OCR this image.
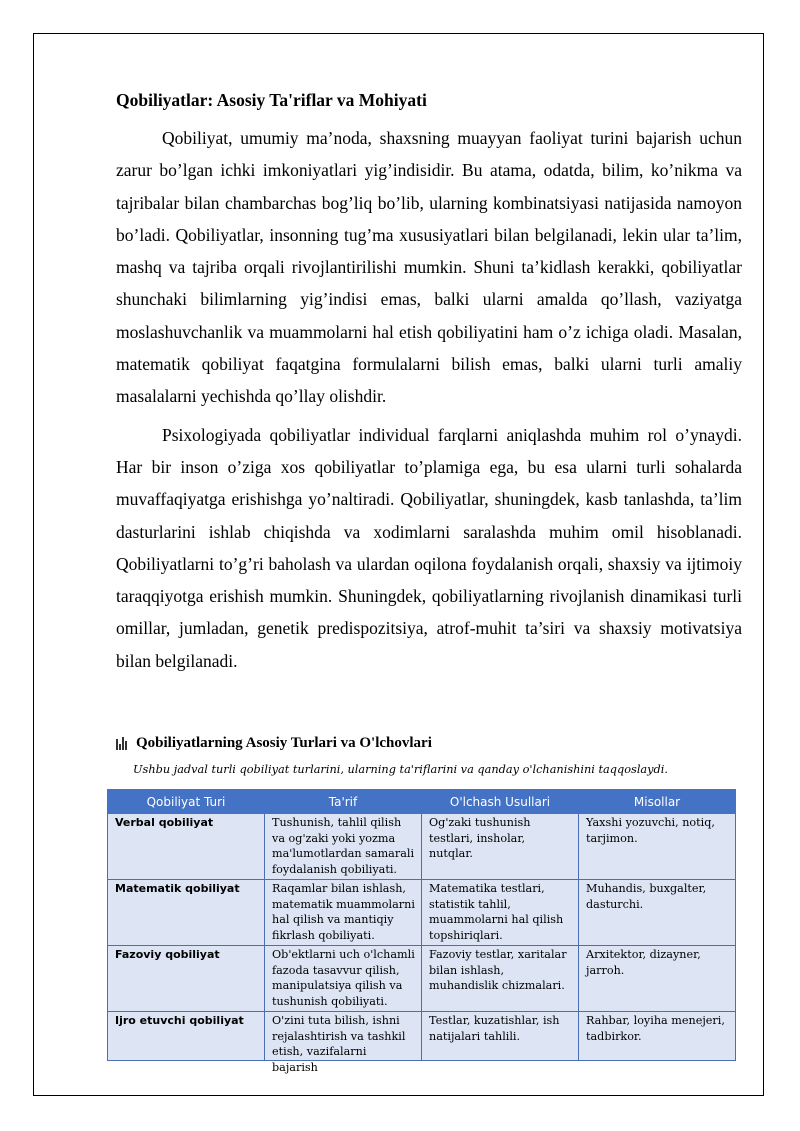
Qobiliyatlar: Asosiy Ta'riflar va Mohiyati

Qobiliyat, umumiy ma’noda, shaxsning muayyan faoliyat turini bajarish uchun zarur bo’lgan ichki imkoniyatlari yig’indisidir. Bu atama, odatda, bilim, ko’nikma va tajribalar bilan chambarchas bog’liq bo’lib, ularning kombinatsiyasi natijasida namoyon bo’ladi. Qobiliyatlar, insonning tug’ma xususiyatlari bilan belgilanadi, lekin ular ta’lim, mashq va tajriba orqali rivojlantirilishi mumkin. Shuni ta’kidlash kerakki, qobiliyatlar shunchaki bilimlarning yig’indisi emas, balki ularni amalda qo’llash, vaziyatga moslashuvchanlik va muammolarni hal etish qobiliyatini ham o’z ichiga oladi. Masalan, matematik qobiliyat faqatgina formulalarni bilish emas, balki ularni turli amaliy masalalarni yechishda qo’llay olishdir.

Psixologiyada qobiliyatlar individual farqlarni aniqlashda muhim rol o’ynaydi. Har bir inson o’ziga xos qobiliyatlar to’plamiga ega, bu esa ularni turli sohalarda muvaffaqiyatga erishishga yo’naltiradi. Qobiliyatlar, shuningdek, kasb tanlashda, ta’lim dasturlarini ishlab chiqishda va xodimlarni saralashda muhim omil hisoblanadi. Qobiliyatlarni to’g’ri baholash va ulardan oqilona foydalanish orqali, shaxsiy va ijtimoiy taraqqiyotga erishish mumkin. Shuningdek, qobiliyatlarning rivojlanish dinamikasi turli omillar, jumladan, genetik predispozitsiya, atrof-muhit ta’siri va shaxsiy motivatsiya bilan belgilanadi.

Qobiliyatlarning Asosiy Turlari va O'lchovlari
Ushbu jadval turli qobiliyat turlarini, ularning ta'riflarini va qanday o'lchanishini taqqoslaydi.
Qobiliyat Turi	Ta'rif	O'lchash Usullari	Misollar
Verbal qobiliyat	Tushunish, tahlil qilish va og'zaki yoki yozma ma'lumotlardan samarali foydalanish qobiliyati.	Og'zaki tushunish testlari, insholar, nutqlar.	Yaxshi yozuvchi, notiq, tarjimon.
Matematik qobiliyat	Raqamlar bilan ishlash, matematik muammolarni hal qilish va mantiqiy fikrlash qobiliyati.	Matematika testlari, statistik tahlil, muammolarni hal qilish topshiriqlari.	Muhandis, buxgalter, dasturchi.
Fazoviy qobiliyat	Ob'ektlarni uch o'lchamli fazoda tasavvur qilish, manipulatsiya qilish va tushunish qobiliyati.	Fazoviy testlar, xaritalar bilan ishlash, muhandislik chizmalari.	Arxitektor, dizayner, jarroh.
Ijro etuvchi qobiliyat	O'zini tuta bilish, ishni rejalashtirish va tashkil etish, vazifalarni bajarish	Testlar, kuzatishlar, ish natijalari tahlili.	Rahbar, loyiha menejeri, tadbirkor.
